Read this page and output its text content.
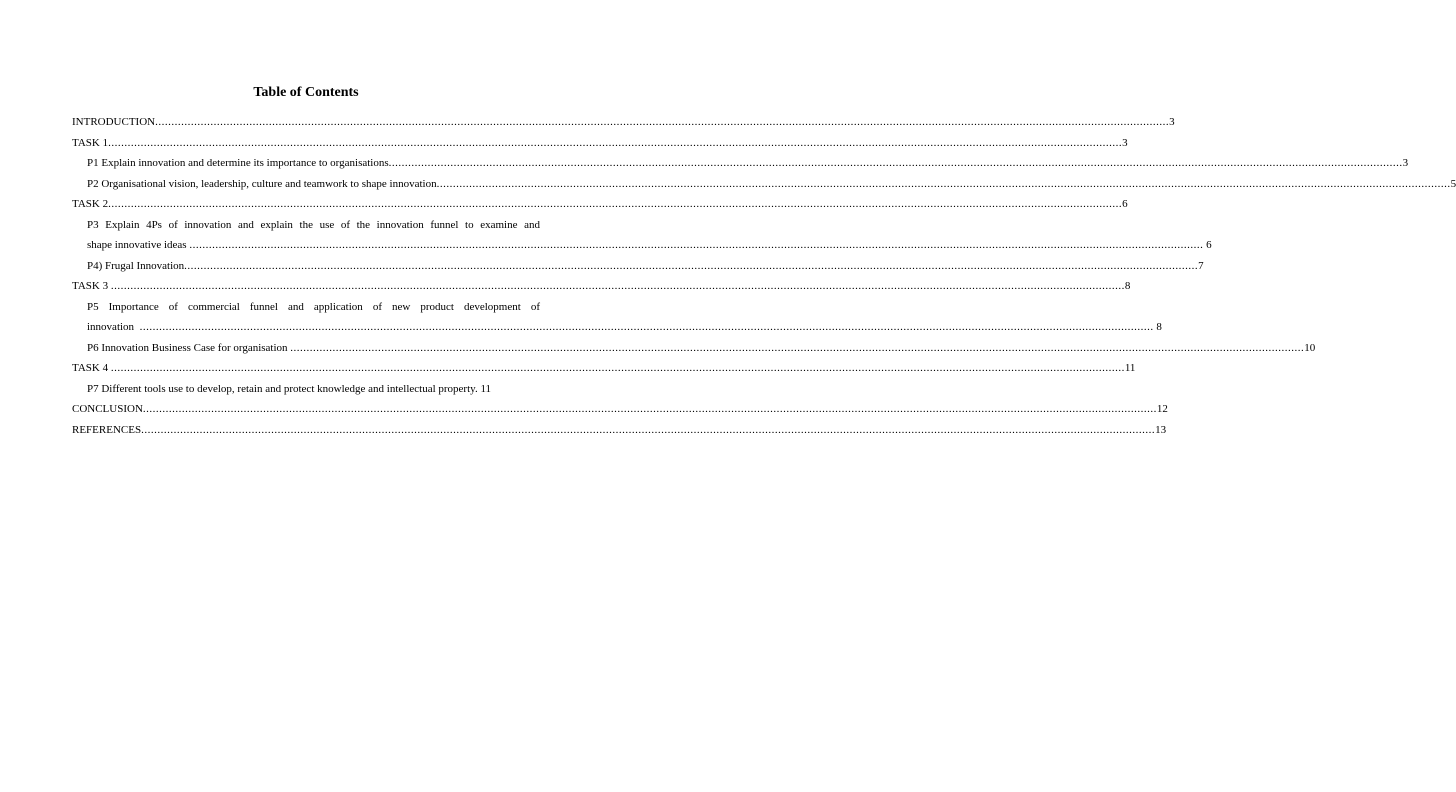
Table of Contents
INTRODUCTION .....	3
TASK 1 .....	3
P1 Explain innovation and determine its importance to organisations .....	3
P2 Organisational vision, leadership, culture and teamwork to shape innovation .....	5
TASK 2 .....	6
P3 Explain 4Ps of innovation and explain the use of the innovation funnel to examine and
shape innovative ideas .....	6
P4) Frugal Innovation .....	7
TASK 3 .....	8
P5 Importance of commercial funnel and application of new product development of
innovation .....	8
P6 Innovation Business Case for organisation .....	10
TASK 4 .....	11
P7 Different tools use to develop, retain and protect knowledge and intellectual property. 11
CONCLUSION .....	12
REFERENCES .....	13
